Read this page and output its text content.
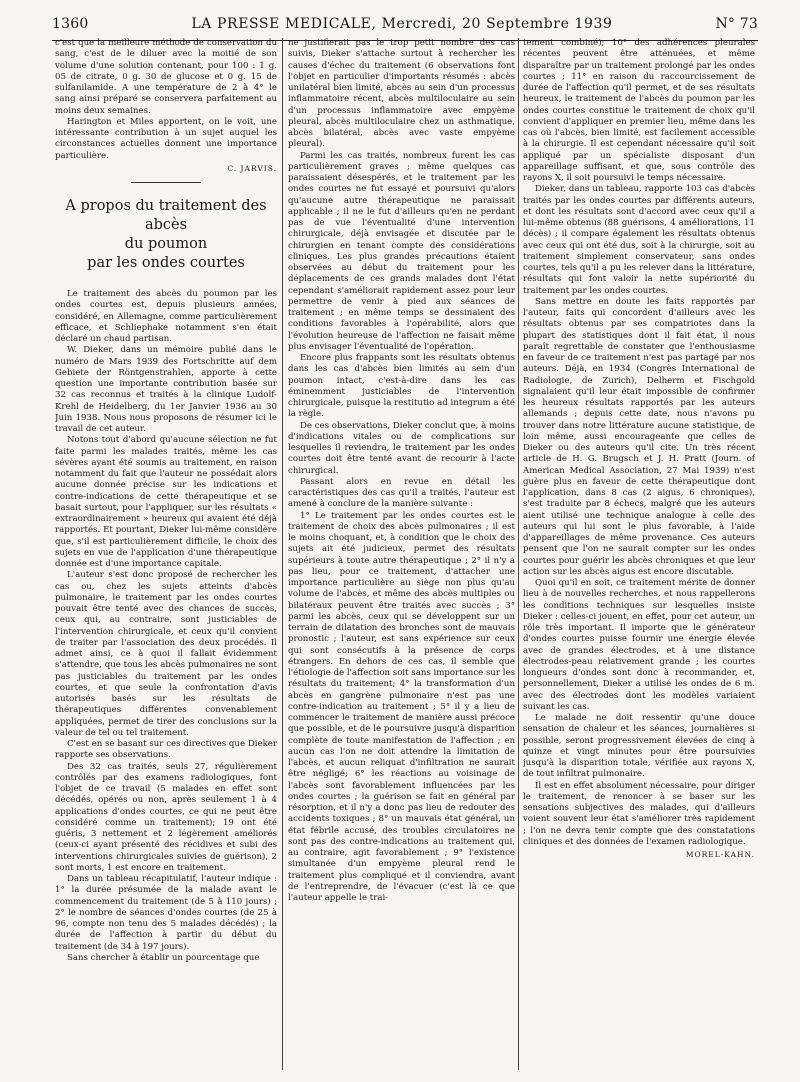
1360	LA PRESSE MEDICALE, Mercredi, 20 Septembre 1939	N° 73

c'est que la meilleure méthode de conservation du sang, c'est de le diluer avec la moitié de son volume d'une solution contenant, pour 100 : 1 g. 05 de citrate, 0 g. 30 de glucose et 0 g. 15 de sulfanilamide. A une température de 2 à 4° le sang ainsi préparé se conservera parfaitement au moins deux semaines.

Harington et Miles apportent, on le voit, une intéressante contribution à un sujet auquel les circonstances actuelles donnent une importance particulière.

C. JARVIS.
A propos du traitement des abcès
du poumon
par les ondes courtes

Le traitement des abcès du poumon par les ondes courtes est, depuis plusieurs années, considéré, en Allemagne, comme particulièrement efficace, et Schliephake notamment s'en était déclaré un chaud partisan.

W. Dieker, dans un mémoire publié dans le numéro de Mars 1939 des Fortschritte auf dem Gebiete der Röntgenstrahlen, apporte à cette question une importante contribution basée sur 32 cas reconnus et traités à la clinique Ludolf-Krehl de Heidelberg, du 1er Janvier 1936 au 30 Juin 1938. Nous nous proposons de résumer ici le travail de cet auteur.

Notons tout d'abord qu'aucune sélection ne fut faite parmi les malades traités, même les cas sévères ayant été soumis au traitement, en raison notamment du fait que l'auteur ne possédait alors aucune donnée précise sur les indications et contre-indications de cette thérapeutique et se basait surtout, pour l'appliquer, sur les résultats « extraordinairement » heureux qui avaient été déjà rapportés. Et pourtant, Dieker lui-même considère que, s'il est particulièrement difficile, le choix des sujets en vue de l'application d'une thérapeutique donnée est d'une importance capitale.

L'auteur s'est donc proposé de rechercher les cas ou, chez les sujets atteints d'abcès pulmonaire, le traitement par les ondes courtes pouvait être tenté avec des chances de succès, ceux qui, au contraire, sont justiciables de l'intervention chirurgicale, et ceux qu'il convient de traiter par l'association des deux procédés. Il admet ainsi, ce à quoi il fallait évidemment s'attendre, que tous les abcès pulmonaires ne sont pas justiciables du traitement par les ondes courtes, et que seule la confrontation d'avis autorisés basés sur les résultats de thérapeutiques différentes convenablement appliquées, permet de tirer des conclusions sur la valeur de tel ou tel traitement.

C'est en se basant sur ces directives que Dieker rapporte ses observations.

Des 32 cas traités, seuls 27, régulièrement contrôlés par des examens radiologiques, font l'objet de ce travail (5 malades en effet sont décédés, opérés ou non, après seulement 1 à 4 applications d'ondes courtes, ce qui ne peut être considéré comme un traitement); 19 ont été guéris, 3 nettement et 2 légèrement améliorés (ceux-ci ayant présenté des récidives et subi des interventions chirurgicales suivies de guérison), 2 sont morts, 1 est encore en traitement.

Dans un tableau récapitulatif, l'auteur indique : 1° la durée présumée de la malade avant le commencement du traitement (de 5 à 110 jours) ; 2° le nombre de séances d'ondes courtes (de 25 à 96, compte non tenu des 5 malades décédés) ; la durée de l'affection à partir du début du traitement (de 34 à 197 jours).

Sans chercher à établir un pourcentage que

ne justifierait pas le trop petit nombre des cas suivis, Dieker s'attache surtout à rechercher les causes d'échec du traitement (6 observations font l'objet en particulier d'importants résumés : abcès unilatéral bien limité, abcès au sein d'un processus inflammatoire récent, abcès multiloculaire au sein d'un processus inflammatoire avec empyème pleural, abcès multiloculaire chez un asthmatique, abcès bilatéral, abcès avec vaste empyème pleural).

Parmi les cas traités, nombreux furent les cas particulièrement graves ; même quelques cas paraissaient désespérés, et le traitement par les ondes courtes ne fut essayé et poursuivi qu'alors qu'aucune autre thérapeutique ne paraissait applicable ; il ne le fut d'ailleurs qu'en ne perdant pas de vue l'éventualité d'une intervention chirurgicale, déjà envisagée et discutée par le chirurgien en tenant compte des considérations cliniques. Les plus grandes précautions étaient observées au début du traitement pour les déplacements de ces grands malades dont l'état cependant s'améliorait rapidement assez pour leur permettre de venir à pied aux séances de traitement ; en même temps se dessinaient des conditions favorables à l'opérabilité, alors que l'évolution heureuse de l'affection ne faisait même plus envisager l'éventualité de l'opération.

Encore plus frappants sont les résultats obtenus dans les cas d'abcès bien limités au sein d'un poumon intact, c'est-à-dire dans les cas éminemment justiciables de l'intervention chirurgicale, puisque la restitutio ad integrum a été la règle.

De ces observations, Dieker conclut que, à moins d'indications vitales ou de complications sur lesquelles il reviendra, le traitement par les ondes courtes doit être tenté avant de recourir à l'acte chirurgical.

Passant alors en revue en détail les caractéristiques des cas qu'il a traités, l'auteur est amené à conclure de la manière suivante :

1° Le traitement par les ondes courtes est le traitement de choix des abcès pulmonaires ; il est le moins choquant, et, à condition que le choix des sujets ait été judicieux, permet des résultats supérieurs à toute autre thérapeutique ; 2° il n'y a pas lieu, pour ce traitement, d'attacher une importance particulière au siège non plus qu'au volume de l'abcès, et même des abcès multiples ou bilatéraux peuvent être traités avec succès ; 3° parmi les abcès, ceux qui se développent sur un terrain de dilatation des bronches sont de mauvais pronostic ; l'auteur, est sans expérience sur ceux qui sont consécutifs à la présence de corps étrangers. En dehors de ces cas, il semble que l'étiologie de l'affection soit sans importance sur les résultats du traitement; 4° la transformation d'un abcès en gangrène pulmonaire n'est pas une contre-indication au traitement ; 5° il y a lieu de commencer le traitement de manière aussi précoce que possible, et de le poursuivre jusqu'à disparition complète de toute manifestation de l'affection ; en aucun cas l'on ne doit attendre la limitation de l'abcès, et aucun reliquat d'infiltration ne saurait être négligé; 6° les réactions au voisinage de l'abcès sont favorablement influencées par les ondes courtes ; la guérison se fait en général par résorption, et il n'y a donc pas lieu de redouter des accidents toxiques ; 8° un mauvais état général, un état fébrile accusé, des troubles circulatoires ne sont pas des contre-indications au traitement qui, au contraire, agit favorablement ; 9° l'existence simultanée d'un empyème pleural rend le traitement plus compliqué et il conviendra, avant de l'entreprendre, de l'évacuer (c'est là ce que l'auteur appelle le trai-

tement combiné); 10° des adhérences pleurales récentes peuvent être atténuées, et même disparaître par un traitement prolongé par les ondes courtes ; 11° en raison du raccourcissement de durée de l'affection qu'il permet, et de ses résultats heureux, le traitement de l'abcès du poumon par les ondes courtes constitue le traitement de choix qu'il convient d'appliquer en premier lieu, même dans les cas où l'abcès, bien limité, est facilement accessible à la chirurgie. Il est cependant nécessaire qu'il soit appliqué par un spécialiste disposant d'un appareillage suffisant, et que, sous contrôle des rayons X, il soit poursuivi le temps nécessaire.

Dieker, dans un tableau, rapporte 103 cas d'abcès traités par les ondes courtes par différents auteurs, et dont les résultats sont d'accord avec ceux qu'il a lui-même obtenus (88 guérisons, 4 améliorations, 11 décès) ; il compare également les résultats obtenus avec ceux qui ont été dus, soit à la chirurgie, soit au traitement simplement conservateur, sans ondes courtes, tels qu'il a pu les relever dans la littérature, résultats qui font valoir la nette supériorité du traitement par les ondes courtes.

Sans mettre en doute les faits rapportés par l'auteur, faits qui concordent d'ailleurs avec les résultats obtenus par ses compatriotes dans la plupart des statistiques dont il fait état, il nous paraît regrettable de constater que l'enthousiasme en faveur de ce traitement n'est pas partagé par nos auteurs. Déjà, en 1934 (Congrès International de Radiologie, de Zurich), Delherm et Fischgold signalaient qu'il leur était impossible de confirmer les heureux résultats rapportés par les auteurs allemands ; depuis cette date, nous n'avons pu trouver dans notre littérature aucune statistique, de loin même, aussi encourageante que celles de Dieker ou des auteurs qu'il cite. Un très récent article de H. G. Brugsch et J. H. Pratt (Journ. of American Medical Association, 27 Mai 1939) n'est guère plus en faveur de cette thérapeutique dont l'application, dans 8 cas (2 aigus, 6 chroniques), s'est traduite par 8 échecs, malgré que les auteurs aient utilisé une technique analogue à celle des auteurs qui lui sont le plus favorable, à l'aide d'appareillages de même provenance. Ces auteurs pensent que l'on ne saurait compter sur les ondes courtes pour guérir les abcès chroniques et que leur action sur les abcès aigus est encore discutable.

Quoi qu'il en soit, ce traitement mérite de donner lieu à de nouvelles recherches, et nous rappellerons les conditions techniques sur lesquelles insiste Dieker : celles-ci jouent, en effet, pour cet auteur, un rôle très important. Il importe que le générateur d'ondes courtes puisse fournir une énergie élevée avec de grandes électrodes, et à une distance électrodes-peau relativement grande ; les courtes longueurs d'ondes sont donc à recommander, et, personnellement, Dieker a utilisé les ondes de 6 m. avec des électrodes dont les modèles variaient suivant les cas.

Le malade ne doit ressentir qu'une douce sensation de chaleur et les séances, journalières si possible, seront progressivement élevées de cinq à quinze et vingt minutes pour être poursuivies jusqu'à la disparition totale, vérifiée aux rayons X, de tout infiltrat pulmonaire.

Il est en effet absolument nécessaire, pour diriger le traitement, de renoncer à se baser sur les sensations subjectives des malades, qui d'ailleurs voient souvent leur état s'améliorer très rapidement ; l'on ne devra tenir compte que des constatations cliniques et des données de l'examen radiologique.

MOREL-KAHN.
